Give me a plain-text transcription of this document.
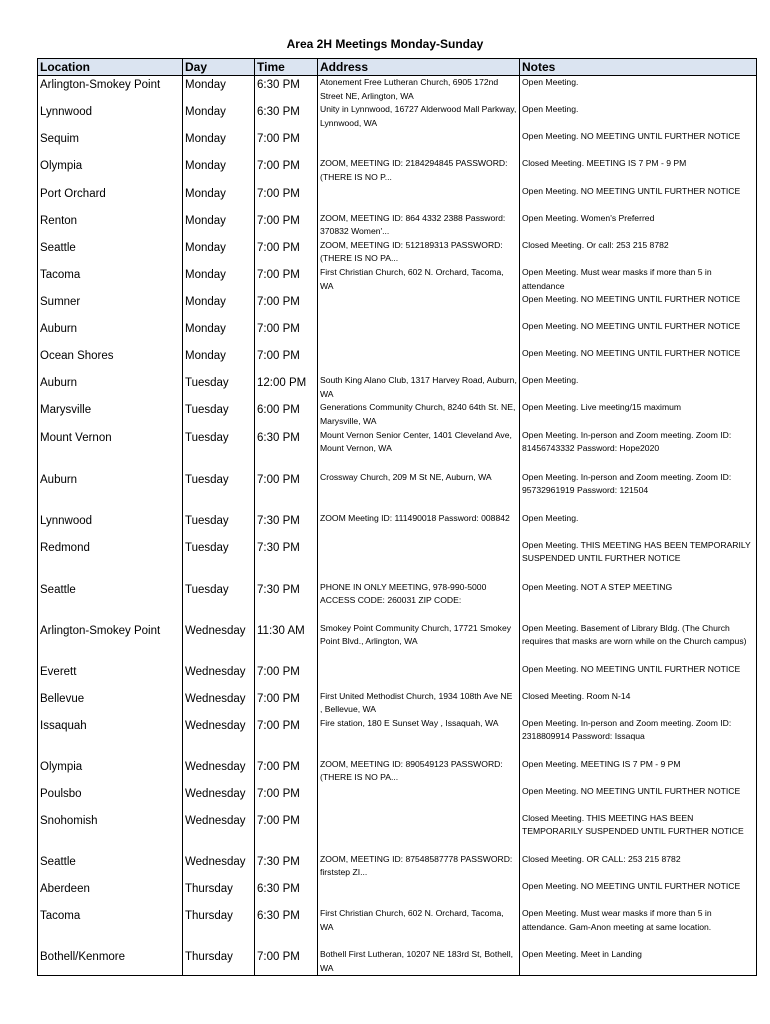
Area 2H Meetings Monday-Sunday
Location	Day	Time	Address	Notes
Arlington-Smokey Point	Monday	6:30 PM	Atonement Free Lutheran Church, 6905 172nd Street NE, Arlington, WA	Open Meeting.
Lynnwood	Monday	6:30 PM	Unity in Lynnwood, 16727 Alderwood Mall Parkway, Lynnwood, WA	Open Meeting.
Sequim	Monday	7:00 PM		Open Meeting. NO MEETING UNTIL FURTHER NOTICE
Olympia	Monday	7:00 PM	ZOOM, MEETING ID: 2184294845 PASSWORD: (THERE IS NO P...	Closed Meeting. MEETING IS 7 PM - 9 PM
Port Orchard	Monday	7:00 PM		Open Meeting. NO MEETING UNTIL FURTHER NOTICE
Renton	Monday	7:00 PM	ZOOM, MEETING ID: 864 4332 2388 Password: 370832 Women'...	Open Meeting. Women's Preferred
Seattle	Monday	7:00 PM	ZOOM, MEETING ID: 512189313 PASSWORD: (THERE IS NO PA...	Closed Meeting. Or call: 253 215 8782
Tacoma	Monday	7:00 PM	First Christian Church, 602 N. Orchard, Tacoma, WA	Open Meeting. Must wear masks if more than 5 in attendance
Sumner	Monday	7:00 PM		Open Meeting. NO MEETING UNTIL FURTHER NOTICE
Auburn	Monday	7:00 PM		Open Meeting. NO MEETING UNTIL FURTHER NOTICE
Ocean Shores	Monday	7:00 PM		Open Meeting. NO MEETING UNTIL FURTHER NOTICE
Auburn	Tuesday	12:00 PM	South King Alano Club, 1317 Harvey Road, Auburn, WA	Open Meeting.
Marysville	Tuesday	6:00 PM	Generations Community Church, 8240 64th St. NE, Marysville, WA	Open Meeting. Live meeting/15 maximum
Mount Vernon	Tuesday	6:30 PM	Mount Vernon Senior Center, 1401 Cleveland Ave, Mount Vernon, WA	Open Meeting. In-person and Zoom meeting. Zoom ID: 81456743332 Password: Hope2020
Auburn	Tuesday	7:00 PM	Crossway Church, 209 M St NE, Auburn, WA	Open Meeting. In-person and Zoom meeting. Zoom ID: 95732961919 Password: 121504
Lynnwood	Tuesday	7:30 PM	ZOOM Meeting ID: 111490018 Password: 008842	Open Meeting.
Redmond	Tuesday	7:30 PM		Open Meeting. THIS MEETING HAS BEEN TEMPORARILY SUSPENDED UNTIL FURTHER NOTICE
Seattle	Tuesday	7:30 PM	PHONE IN ONLY MEETING, 978-990-5000 ACCESS CODE: 260031 ZIP CODE:	Open Meeting. NOT A STEP MEETING
Arlington-Smokey Point	Wednesday	11:30 AM	Smokey Point Community Church, 17721 Smokey Point Blvd., Arlington, WA	Open Meeting. Basement of Library Bldg. (The Church requires that masks are worn while on the Church campus)
Everett	Wednesday	7:00 PM		Open Meeting. NO MEETING UNTIL FURTHER NOTICE
Bellevue	Wednesday	7:00 PM	First United Methodist Church, 1934 108th Ave NE , Bellevue, WA	Closed Meeting. Room N-14
Issaquah	Wednesday	7:00 PM	Fire station, 180 E Sunset Way , Issaquah, WA	Open Meeting. In-person and Zoom meeting. Zoom ID: 2318809914 Password: Issaqua
Olympia	Wednesday	7:00 PM	ZOOM, MEETING ID: 890549123 PASSWORD: (THERE IS NO PA...	Open Meeting. MEETING IS 7 PM - 9 PM
Poulsbo	Wednesday	7:00 PM		Open Meeting. NO MEETING UNTIL FURTHER NOTICE
Snohomish	Wednesday	7:00 PM		Closed Meeting. THIS MEETING HAS BEEN TEMPORARILY SUSPENDED UNTIL FURTHER NOTICE
Seattle	Wednesday	7:30 PM	ZOOM, MEETING ID: 87548587778 PASSWORD: firststep ZI...	Closed Meeting. OR CALL: 253 215 8782
Aberdeen	Thursday	6:30 PM		Open Meeting. NO MEETING UNTIL FURTHER NOTICE
Tacoma	Thursday	6:30 PM	First Christian Church, 602 N. Orchard, Tacoma, WA	Open Meeting. Must wear masks if more than 5 in attendance. Gam-Anon meeting at same location.
Bothell/Kenmore	Thursday	7:00 PM	Bothell First Lutheran, 10207 NE 183rd St, Bothell, WA	Open Meeting. Meet in Landing
